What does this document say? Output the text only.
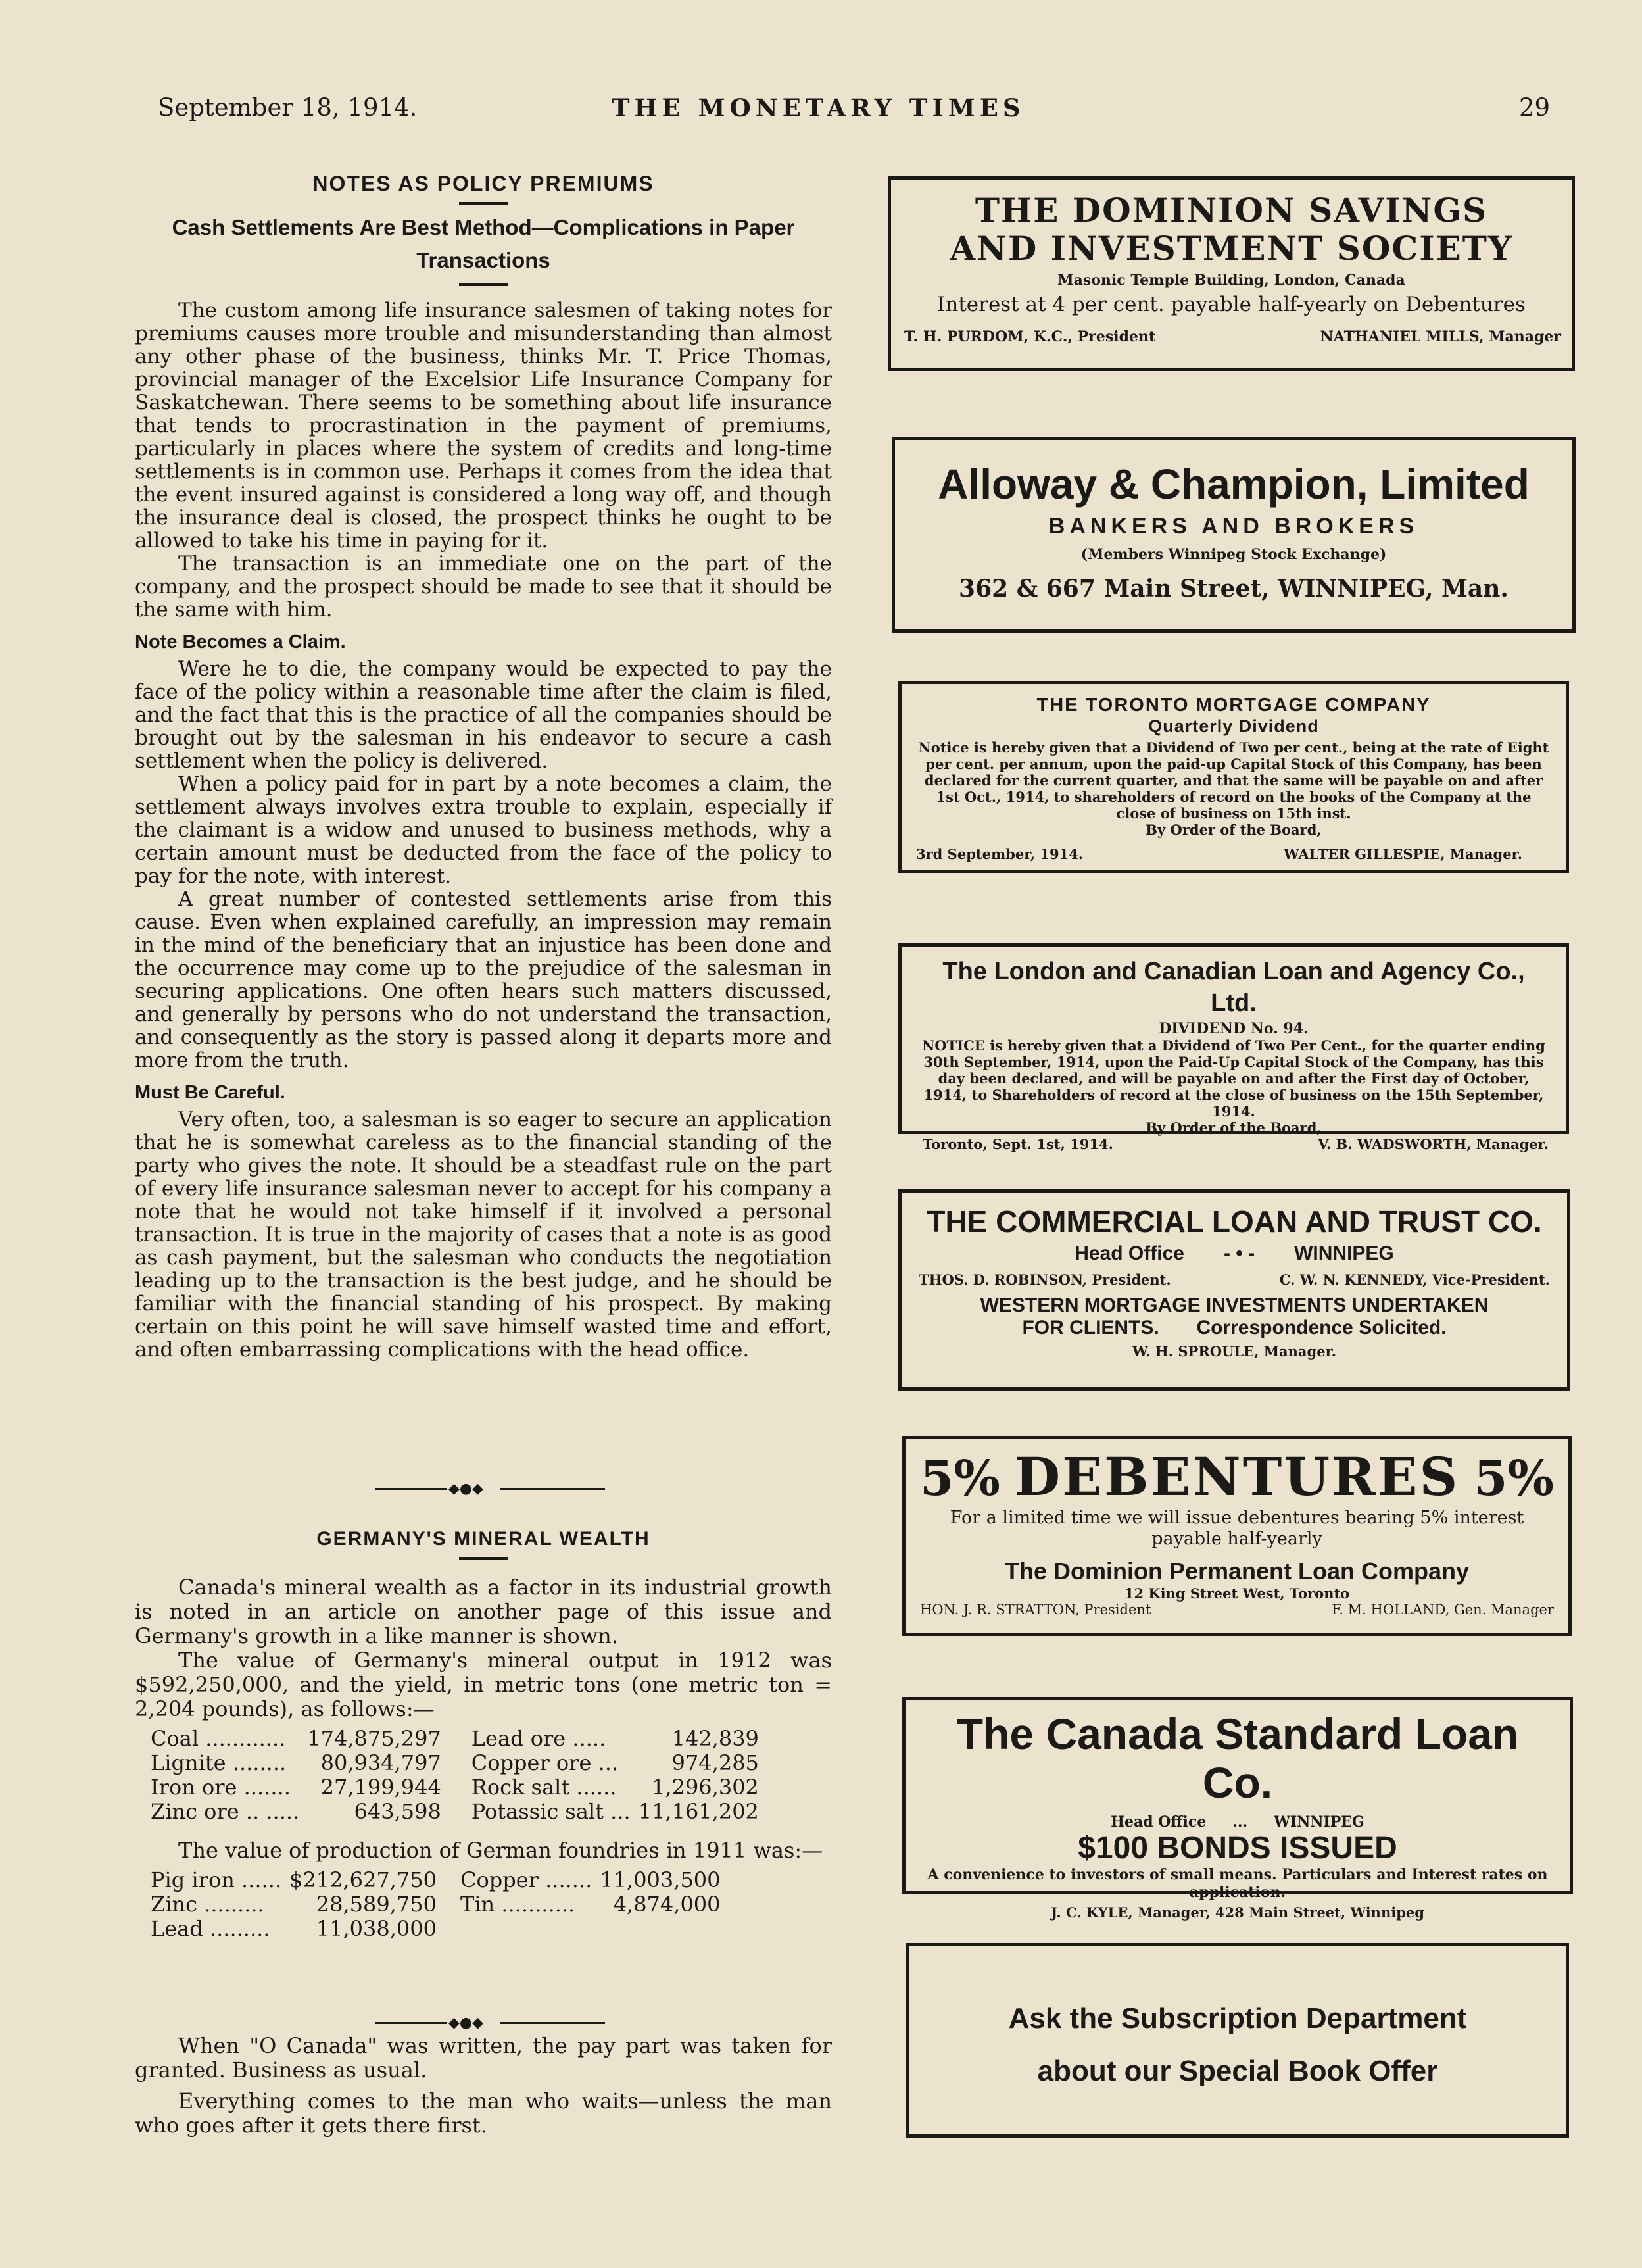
September 18, 1914.	THE MONETARY TIMES	29
NOTES AS POLICY PREMIUMS
Cash Settlements Are Best Method—Complications in Paper Transactions

The custom among life insurance salesmen of taking notes for premiums causes more trouble and misunderstanding than almost any other phase of the business, thinks Mr. T. Price Thomas, provincial manager of the Excelsior Life Insurance Company for Saskatchewan. There seems to be something about life insurance that tends to procrastination in the payment of premiums, particularly in places where the system of credits and long-time settlements is in common use. Perhaps it comes from the idea that the event insured against is considered a long way off, and though the insurance deal is closed, the prospect thinks he ought to be allowed to take his time in paying for it.

The transaction is an immediate one on the part of the company, and the prospect should be made to see that it should be the same with him.

Note Becomes a Claim.

Were he to die, the company would be expected to pay the face of the policy within a reasonable time after the claim is filed, and the fact that this is the practice of all the companies should be brought out by the salesman in his endeavor to secure a cash settlement when the policy is delivered.

When a policy paid for in part by a note becomes a claim, the settlement always involves extra trouble to explain, especially if the claimant is a widow and unused to business methods, why a certain amount must be deducted from the face of the policy to pay for the note, with interest.

A great number of contested settlements arise from this cause. Even when explained carefully, an impression may remain in the mind of the beneficiary that an injustice has been done and the occurrence may come up to the prejudice of the salesman in securing applications. One often hears such matters discussed, and generally by persons who do not understand the transaction, and consequently as the story is passed along it departs more and more from the truth.

Must Be Careful.

Very often, too, a salesman is so eager to secure an application that he is somewhat careless as to the financial standing of the party who gives the note. It should be a steadfast rule on the part of every life insurance salesman never to accept for his company a note that he would not take himself if it involved a personal transaction. It is true in the majority of cases that a note is as good as cash payment, but the salesman who conducts the negotiation leading up to the transaction is the best judge, and he should be familiar with the financial standing of his prospect. By making certain on this point he will save himself wasted time and effort, and often embarrassing complications with the head office.

◆●◆
GERMANY'S MINERAL WEALTH

Canada's mineral wealth as a factor in its industrial growth is noted in an article on another page of this issue and Germany's growth in a like manner is shown.

The value of Germany's mineral output in 1912 was $592,250,000, and the yield, in metric tons (one metric ton = 2,204 pounds), as follows:—

Coal ............	174,875,297	Lead ore .....	142,839
Lignite ........	80,934,797	Copper ore ...	974,285
Iron ore .......	27,199,944	Rock salt ......	1,296,302
Zinc ore .. .....	643,598	Potassic salt ...	11,161,202

The value of production of German foundries in 1911 was:—

Pig iron ......	$212,627,750	Copper .......	11,003,500
Zinc .........	28,589,750	Tin ...........	4,874,000
Lead .........	11,038,000		
◆●◆

When "O Canada" was written, the pay part was taken for granted. Business as usual.

Everything comes to the man who waits—unless the man who goes after it gets there first.

THE DOMINION SAVINGS
AND INVESTMENT SOCIETY
Masonic Temple Building, London, Canada
Interest at 4 per cent. payable half-yearly on Debentures
T. H. PURDOM, K.C., President	NATHANIEL MILLS, Manager
Alloway & Champion, Limited
BANKERS AND BROKERS
(Members Winnipeg Stock Exchange)
362 & 667 Main Street, WINNIPEG, Man.
THE TORONTO MORTGAGE COMPANY
Quarterly Dividend
Notice is hereby given that a Dividend of Two per cent., being at the rate of Eight per cent. per annum, upon the paid-up Capital Stock of this Company, has been declared for the current quarter, and that the same will be payable on and after 1st Oct., 1914, to shareholders of record on the books of the Company at the close of business on 15th inst.
By Order of the Board,
3rd September, 1914.	WALTER GILLESPIE, Manager.
The London and Canadian Loan and Agency Co., Ltd.
DIVIDEND No. 94.
NOTICE is hereby given that a Dividend of Two Per Cent., for the quarter ending 30th September, 1914, upon the Paid-Up Capital Stock of the Company, has this day been declared, and will be payable on and after the First day of October, 1914, to Shareholders of record at the close of business on the 15th September, 1914.
By Order of the Board,
Toronto, Sept. 1st, 1914.	V. B. WADSWORTH, Manager.
THE COMMERCIAL LOAN AND TRUST CO.
Head Office - • - WINNIPEG
THOS. D. ROBINSON, President.	C. W. N. KENNEDY, Vice-President.
WESTERN MORTGAGE INVESTMENTS UNDERTAKEN
FOR CLIENTS. Correspondence Solicited.
W. H. SPROULE, Manager.
5% DEBENTURES 5%
For a limited time we will issue debentures bearing 5% interest payable half-yearly
The Dominion Permanent Loan Company
12 King Street West, Toronto
HON. J. R. STRATTON, President	F. M. HOLLAND, Gen. Manager
The Canada Standard Loan Co.
Head Office ... WINNIPEG
$100 BONDS ISSUED
A convenience to investors of small means. Particulars and Interest rates on application.
J. C. KYLE, Manager, 428 Main Street, Winnipeg
Ask the Subscription Department
about our Special Book Offer
